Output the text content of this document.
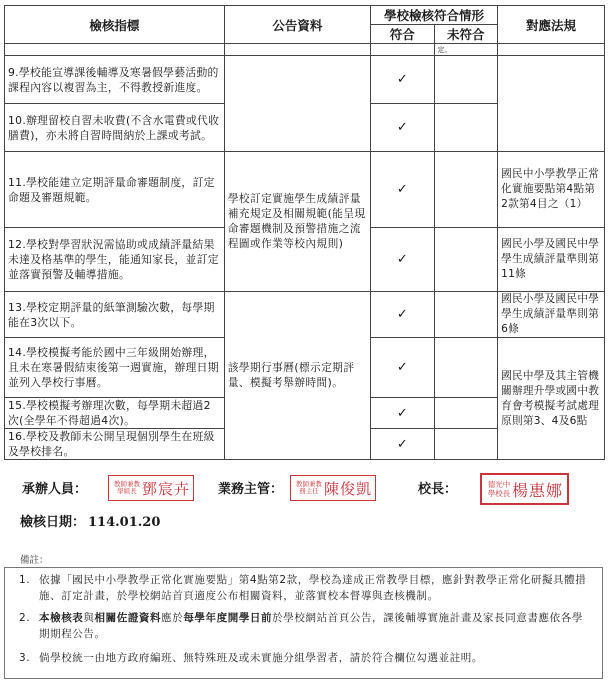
檢核指標	公告資料	學校檢核符合情形		對應法規
		符合	未符合	
			定。	
9.學校能宣導課後輔導及寒暑假學藝活動的課程內容以複習為主，不得教授新進度。		✓		
10.辦理留校自習未收費(不含水電費或代收膳費)，亦未將自習時間納於上課或考試。		✓		
11.學校能建立定期評量命審題制度，訂定命題及審題規範。	學校訂定實施學生成績評量補充規定及相關規範(能呈現命審題機制及預警措施之流程圖或作業等校內規則)	✓		國民中小學教學正常化實施要點第4點第2款第4目之（1）
12.學校對學習狀況需協助或成績評量結果未達及格基準的學生，能通知家長，並訂定並落實預警及輔導措施。		✓		國民小學及國民中學學生成績評量準則第11條
13.學校定期評量的紙筆測驗次數，每學期能在3次以下。	該學期行事曆(標示定期評量、模擬考舉辦時間)。	✓		國民小學及國民中學學生成績評量準則第6條
14.學校模擬考能於國中三年級開始辦理，且未在寒暑假結束後第一週實施，辦理日期並列入學校行事曆。		✓		國民中學及其主管機關辦理升學或國中教育會考模擬考試處理原則第3、4及6點
15.學校模擬考辦理次數，每學期未超過2次(全學年不得超過4次)。		✓		
16.學校及教師未公開呈現個別學生在班級及學校排名。		✓		
承辦人員：	教師兼教學組長 鄧宸卉 業務主管：	教師兼教務主任 陳俊凱	校長：	德光中學校長 楊惠娜
檢核日期： 114.01.20
備註：
1. 依據「國民中小學教學正常化實施要點」第4點第2款，學校為達成正常教學目標，應針對教學正常化研擬具體措施、訂定計畫，於學校網站首頁適度公布相關資料，並落實校本督導與查核機制。
2. 本檢核表與相關佐證資料應於每學年度開學日前於學校網站首頁公告，課後輔導實施計畫及家長同意書應依各學期期程公告。
3. 倘學校統一由地方政府編班、無特殊班及或未實施分組學習者，請於符合欄位勾選並註明。
